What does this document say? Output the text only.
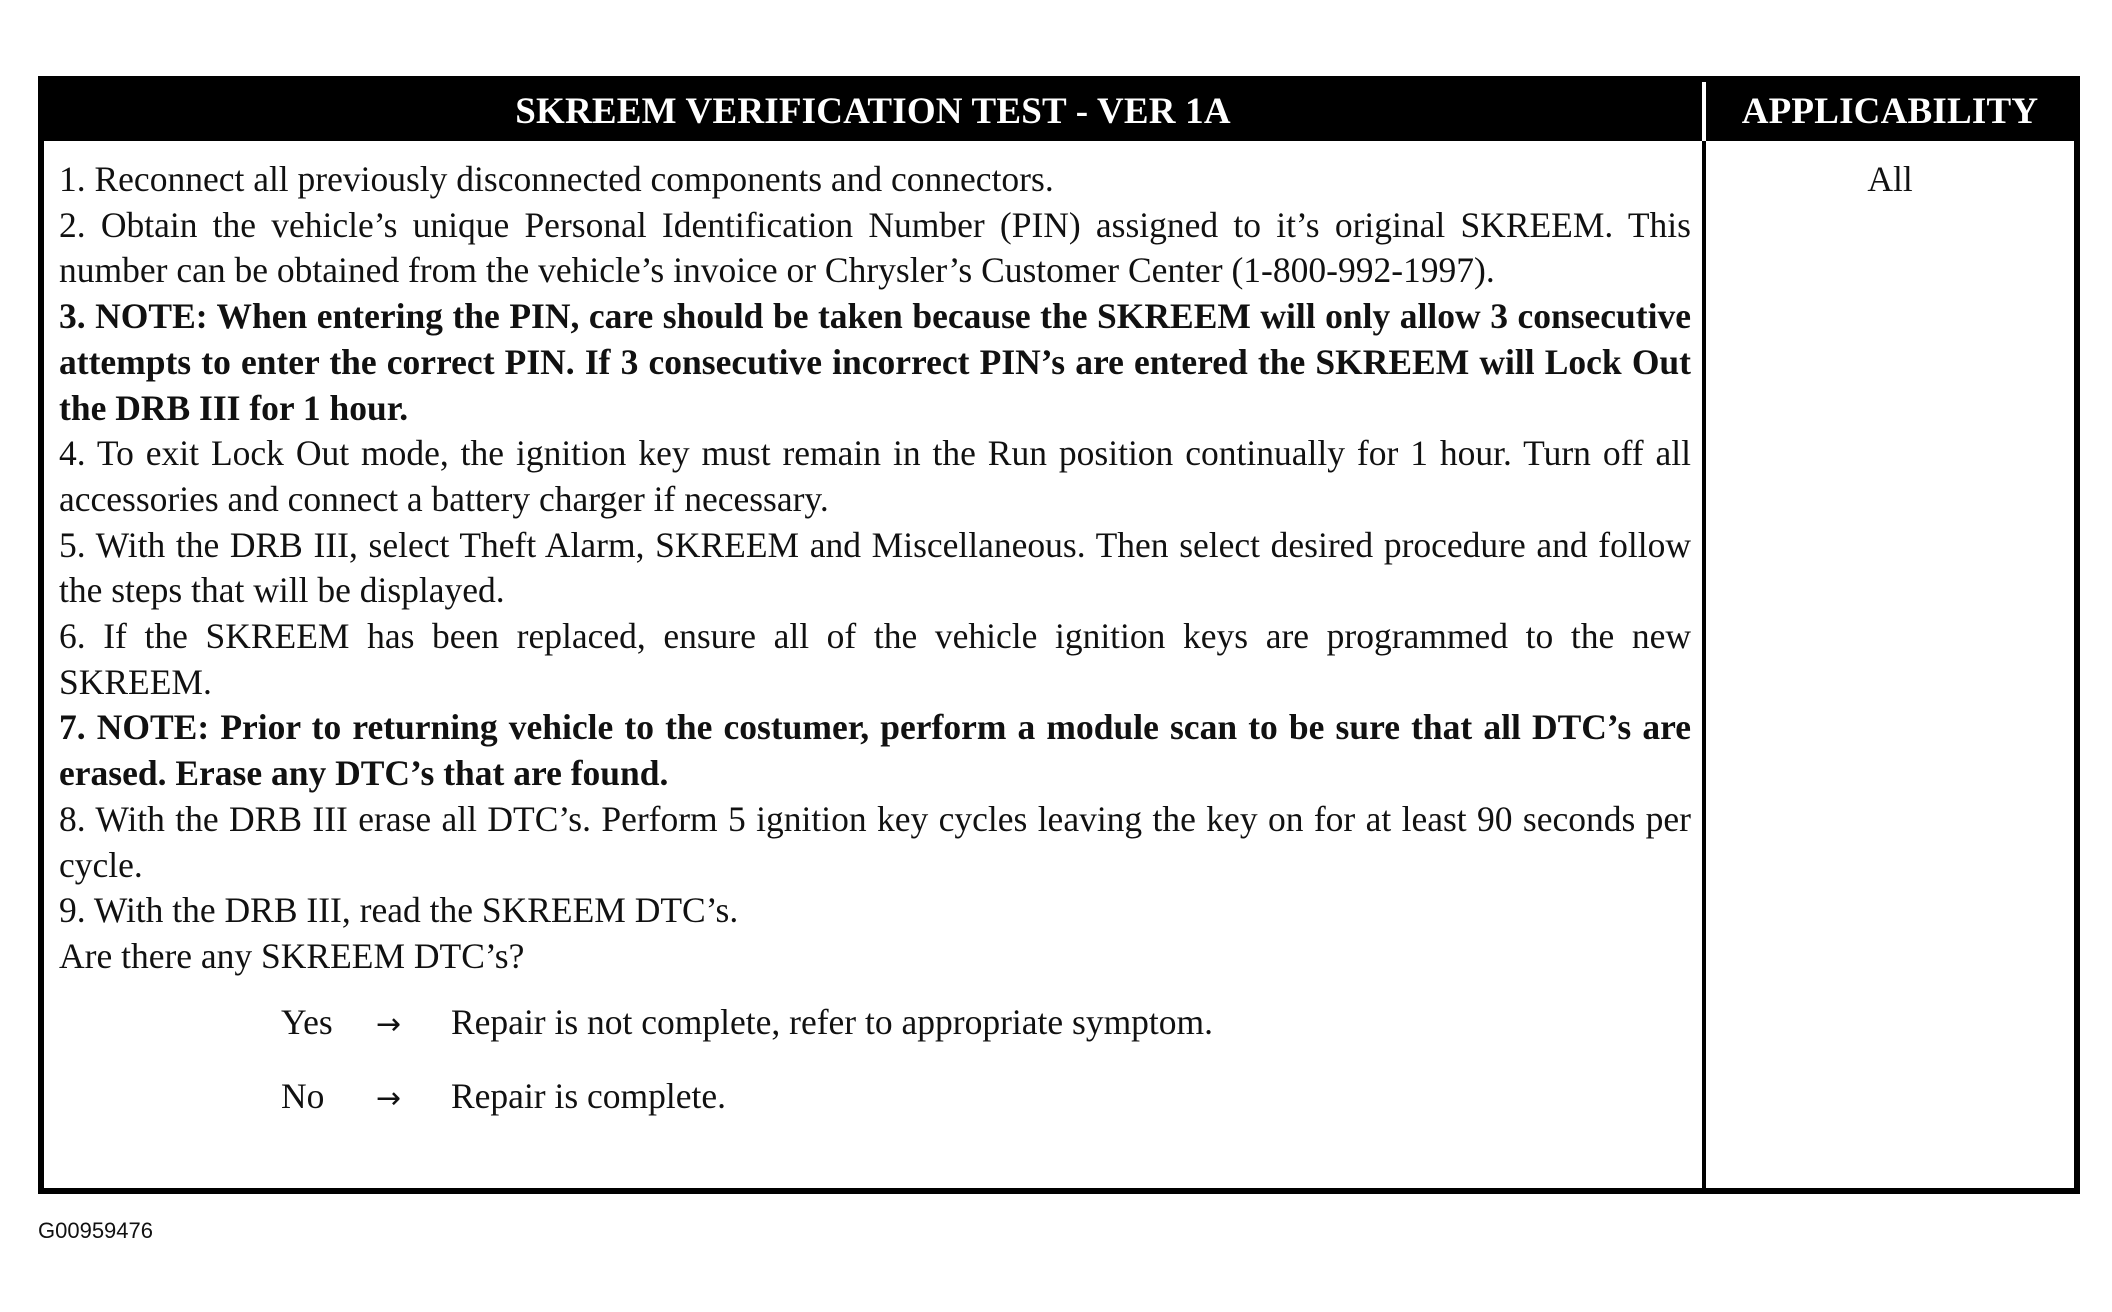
SKREEM VERIFICATION TEST - VER 1A	APPLICABILITY

1. Reconnect all previously disconnected components and connectors.

2. Obtain the vehicle’s unique Personal Identification Number (PIN) assigned to it’s original SKREEM. This number can be obtained from the vehicle’s invoice or Chrysler’s Customer Center (1-800-992-1997).

3. NOTE: When entering the PIN, care should be taken because the SKREEM will only allow 3 consecutive attempts to enter the correct PIN. If 3 consecutive incorrect PIN’s are entered the SKREEM will Lock Out the DRB III for 1 hour.

4. To exit Lock Out mode, the ignition key must remain in the Run position continually for 1 hour. Turn off all accessories and connect a battery charger if necessary.

5. With the DRB III, select Theft Alarm, SKREEM and Miscellaneous. Then select desired procedure and follow the steps that will be displayed.

6. If the SKREEM has been replaced, ensure all of the vehicle ignition keys are programmed to the new SKREEM.

7. NOTE: Prior to returning vehicle to the costumer, perform a module scan to be sure that all DTC’s are erased. Erase any DTC’s that are found.

8. With the DRB III erase all DTC’s. Perform 5 ignition key cycles leaving the key on for at least 90 seconds per cycle.

9. With the DRB III, read the SKREEM DTC’s.

Are there any SKREEM DTC’s?

Yes	→	Repair is not complete, refer to appropriate symptom.
No	→	Repair is complete.
All
G00959476
